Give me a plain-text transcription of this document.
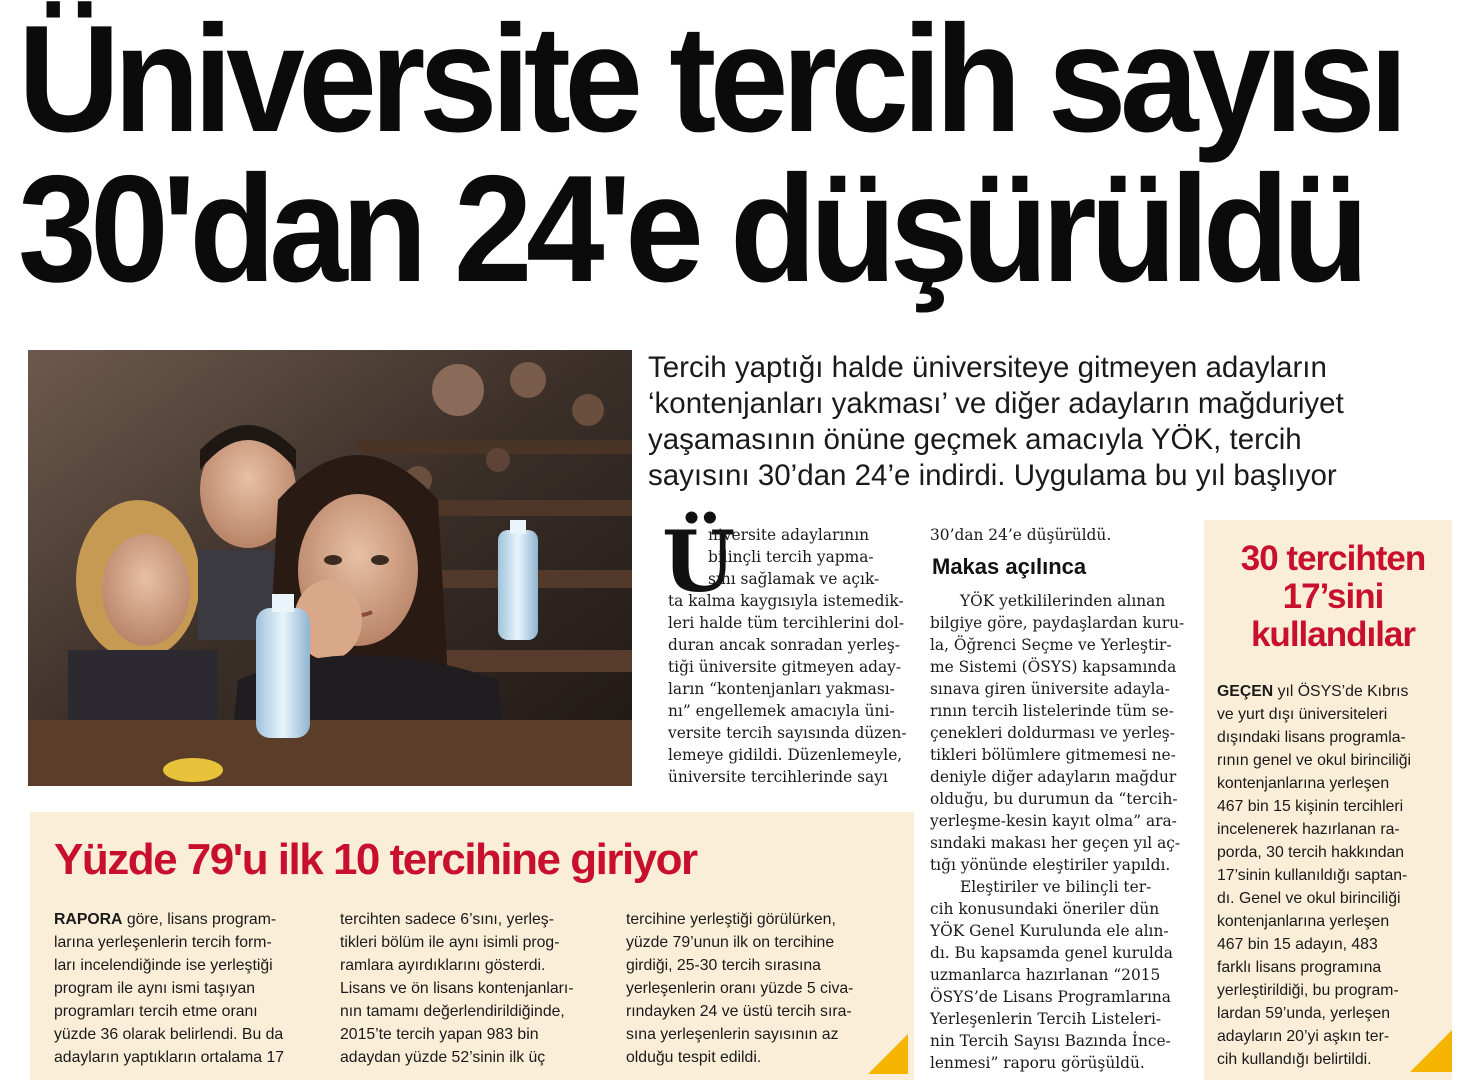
Üniversite tercih sayısı
30'dan 24'e düşürüldü

Tercih yaptığı halde üniversiteye gitmeyen adayların
‘kontenjanları yakması’ ve diğer adayların mağduriyet
yaşamasının önüne geçmek amacıyla YÖK, tercih
sayısını 30’dan 24’e indirdi. Uygulama bu yıl başlıyor

Ü
niversite adaylarının
bilinçli tercih yapma-
sını sağlamak ve açık-
ta kalma kaygısıyla istemedik-
leri halde tüm tercihlerini dol-
duran ancak sonradan yerleş-
tiği üniversite gitmeyen aday-
ların “kontenjanları yakması-
nı” engellemek amacıyla üni-
versite tercih sayısında düzen-
lemeye gidildi. Düzenlemeyle,
üniversite tercihlerinde sayı
30’dan 24’e düşürüldü.
Makas açılınca
YÖK yetkililerinden alınan
bilgiye göre, paydaşlardan kuru-
la, Öğrenci Seçme ve Yerleştir-
me Sistemi (ÖSYS) kapsamında
sınava giren üniversite adayla-
rının tercih listelerinde tüm se-
çenekleri doldurması ve yerleş-
tikleri bölümlere gitmemesi ne-
deniyle diğer adayların mağdur
olduğu, bu durumun da “tercih-
yerleşme-kesin kayıt olma” ara-
sındaki makası her geçen yıl aç-
tığı yönünde eleştiriler yapıldı.
Eleştiriler ve bilinçli ter-
cih konusundaki öneriler dün
YÖK Genel Kurulunda ele alın-
dı. Bu kapsamda genel kurulda
uzmanlarca hazırlanan “2015
ÖSYS’de Lisans Programlarına
Yerleşenlerin Tercih Listeleri-
nin Tercih Sayısı Bazında İnce-
lenmesi” raporu görüşüldü.
30 tercihten
17’sini
kullandılar
GEÇEN yıl ÖSYS’de Kıbrıs
ve yurt dışı üniversiteleri
dışındaki lisans programla-
rının genel ve okul birinciliği
kontenjanlarına yerleşen
467 bin 15 kişinin tercihleri
incelenerek hazırlanan ra-
porda, 30 tercih hakkından
17’sinin kullanıldığı saptan-
dı. Genel ve okul birinciliği
kontenjanlarına yerleşen
467 bin 15 adayın, 483
farklı lisans programına
yerleştirildiği, bu program-
lardan 59’unda, yerleşen
adayların 20’yi aşkın ter-
cih kullandığı belirtildi.
Yüzde 79'u ilk 10 tercihine giriyor
RAPORA göre, lisans program-
larına yerleşenlerin tercih form-
ları incelendiğinde ise yerleştiği
program ile aynı ismi taşıyan
programları tercih etme oranı
yüzde 36 olarak belirlendi. Bu da
adayların yaptıkların ortalama 17
tercihten sadece 6’sını, yerleş-
tikleri bölüm ile aynı isimli prog-
ramlara ayırdıklarını gösterdi.
Lisans ve ön lisans kontenjanları-
nın tamamı değerlendirildiğinde,
2015’te tercih yapan 983 bin
adaydan yüzde 52’sinin ilk üç
tercihine yerleştiği görülürken,
yüzde 79’unun ilk on tercihine
girdiği, 25-30 tercih sırasına
yerleşenlerin oranı yüzde 5 civa-
rındayken 24 ve üstü tercih sıra-
sına yerleşenlerin sayısının az
olduğu tespit edildi.
